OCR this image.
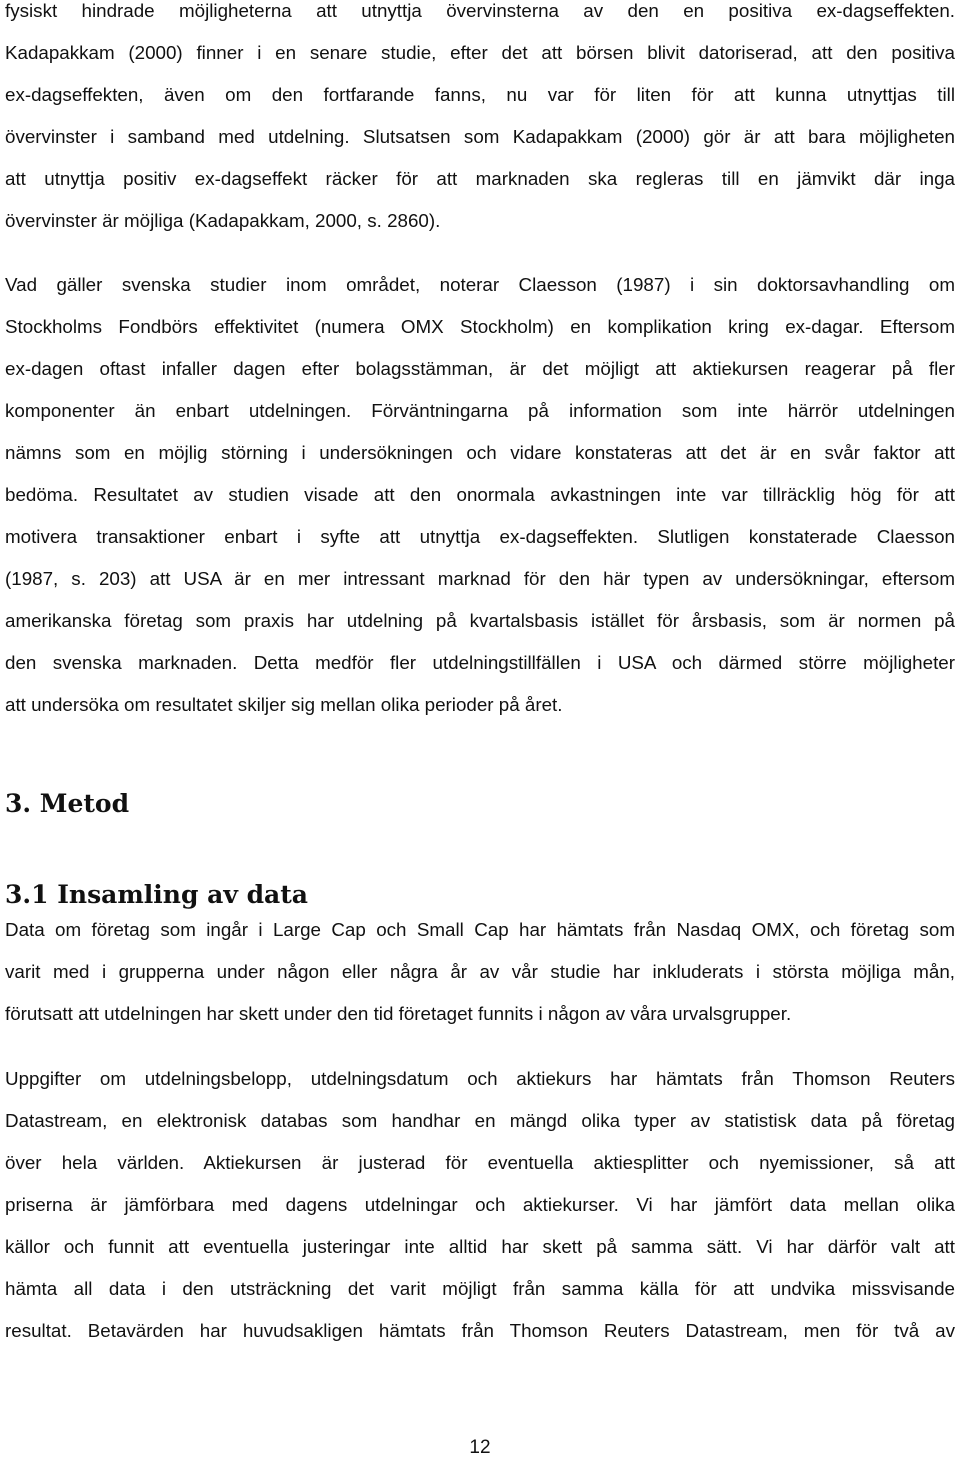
fysiskt hindrade möjligheterna att utnyttja övervinsterna av den en positiva ex-dagseffekten.
Kadapakkam (2000) finner i en senare studie, efter det att börsen blivit datoriserad, att den positiva
ex-dagseffekten, även om den fortfarande fanns, nu var för liten för att kunna utnyttjas till
övervinster i samband med utdelning. Slutsatsen som Kadapakkam (2000) gör är att bara möjligheten
att utnyttja positiv ex-dagseffekt räcker för att marknaden ska regleras till en jämvikt där inga
övervinster är möjliga (Kadapakkam, 2000, s. 2860).
Vad gäller svenska studier inom området, noterar Claesson (1987) i sin doktorsavhandling om
Stockholms Fondbörs effektivitet (numera OMX Stockholm) en komplikation kring ex-dagar. Eftersom
ex-dagen oftast infaller dagen efter bolagsstämman, är det möjligt att aktiekursen reagerar på fler
komponenter än enbart utdelningen. Förväntningarna på information som inte härrör utdelningen
nämns som en möjlig störning i undersökningen och vidare konstateras att det är en svår faktor att
bedöma. Resultatet av studien visade att den onormala avkastningen inte var tillräcklig hög för att
motivera transaktioner enbart i syfte att utnyttja ex-dagseffekten. Slutligen konstaterade Claesson
(1987, s. 203) att USA är en mer intressant marknad för den här typen av undersökningar, eftersom
amerikanska företag som praxis har utdelning på kvartalsbasis istället för årsbasis, som är normen på
den svenska marknaden. Detta medför fler utdelningstillfällen i USA och därmed större möjligheter
att undersöka om resultatet skiljer sig mellan olika perioder på året.
3. Metod
3.1 Insamling av data
Data om företag som ingår i Large Cap och Small Cap har hämtats från Nasdaq OMX, och företag som
varit med i grupperna under någon eller några år av vår studie har inkluderats i största möjliga mån,
förutsatt att utdelningen har skett under den tid företaget funnits i någon av våra urvalsgrupper.
Uppgifter om utdelningsbelopp, utdelningsdatum och aktiekurs har hämtats från Thomson Reuters
Datastream, en elektronisk databas som handhar en mängd olika typer av statistisk data på företag
över hela världen. Aktiekursen är justerad för eventuella aktiesplitter och nyemissioner, så att
priserna är jämförbara med dagens utdelningar och aktiekurser. Vi har jämfört data mellan olika
källor och funnit att eventuella justeringar inte alltid har skett på samma sätt. Vi har därför valt att
hämta all data i den utsträckning det varit möjligt från samma källa för att undvika missvisande
resultat. Betavärden har huvudsakligen hämtats från Thomson Reuters Datastream, men för två av
12
